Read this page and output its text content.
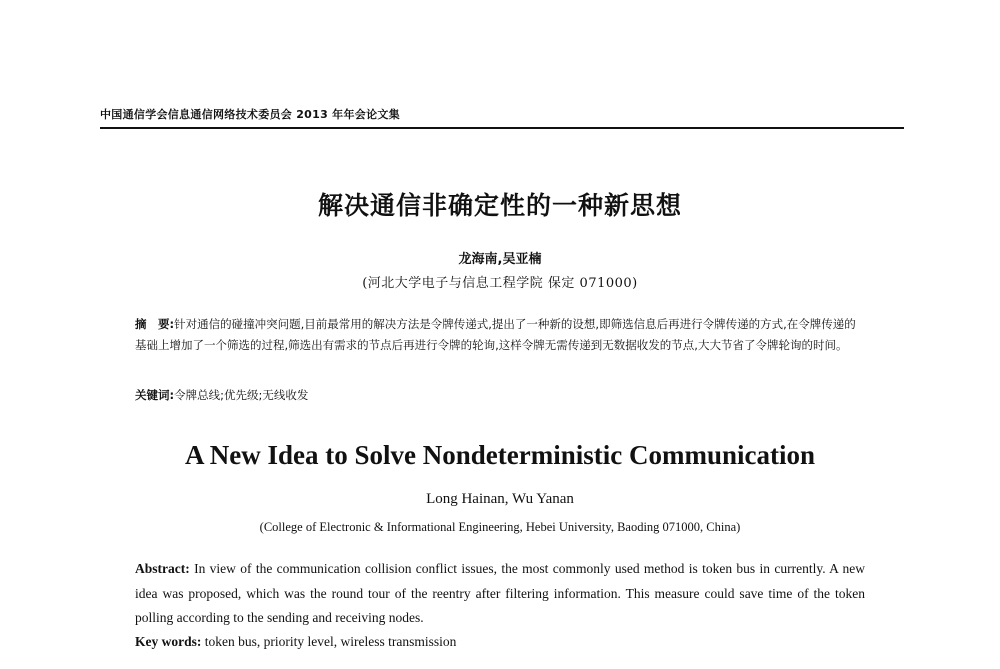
中国通信学会信息通信网络技术委员会 2013 年年会论文集
解决通信非确定性的一种新思想
龙海南,吴亚楠
(河北大学电子与信息工程学院 保定 071000)
摘　要:针对通信的碰撞冲突问题,目前最常用的解决方法是令牌传递式,提出了一种新的设想,即筛选信息后再进行令牌传递的方式,在令牌传递的基础上增加了一个筛选的过程,筛选出有需求的节点后再进行令牌的轮询,这样令牌无需传递到无数据收发的节点,大大节省了令牌轮询的时间。
关键词:令牌总线;优先级;无线收发
A New Idea to Solve Nondeterministic Communication
Long Hainan, Wu Yanan
(College of Electronic & Informational Engineering, Hebei University, Baoding 071000, China)
Abstract: In view of the communication collision conflict issues, the most commonly used method is token bus in currently. A new idea was proposed, which was the round tour of the reentry after filtering information. This measure could save time of the token polling according to the sending and receiving nodes.
Key words: token bus, priority level, wireless transmission
